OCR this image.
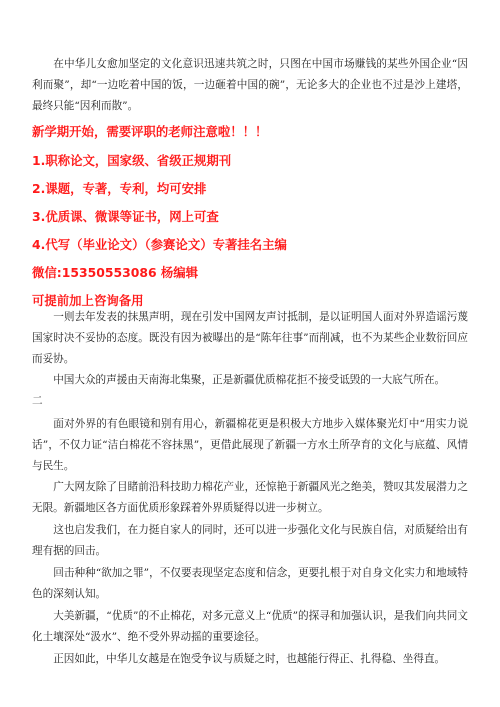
在中华儿女愈加坚定的文化意识迅速共筑之时，只图在中国市场赚钱的某些外国企业“因利而聚”，却“一边吃着中国的饭，一边砸着中国的碗”，无论多大的企业也不过是沙上建塔，最终只能“因利而散”。

新学期开始，需要评职的老师注意啦！！！

1.职称论文，国家级、省级正规期刊

2.课题，专著，专利，均可安排

3.优质课、微课等证书，网上可查

4.代写（毕业论文）（参赛论文）专著挂名主编

微信:15350553086 杨编辑

可提前加上咨询备用

一则去年发表的抹黑声明，现在引发中国网友声讨抵制，是以证明国人面对外界造谣污蔑国家时决不妥协的态度。既没有因为被曝出的是“陈年往事”而削减，也不为某些企业数衍回应而妥协。

中国大众的声援由天南海北集聚，正是新疆优质棉花拒不接受诋毁的一大底气所在。

二

面对外界的有色眼镜和别有用心，新疆棉花更是积极大方地步入媒体聚光灯中“用实力说话”，不仅力证“洁白棉花不容抹黑”，更借此展现了新疆一方水土所孕育的文化与底蕴、风情与民生。

广大网友除了目睹前沿科技助力棉花产业，还惊艳于新疆风光之绝美，赞叹其发展潜力之无限。新疆地区各方面优质形象踩着外界质疑得以进一步树立。

这也启发我们，在力挺自家人的同时，还可以进一步强化文化与民族自信，对质疑给出有理有据的回击。

回击种种“欲加之罪”，不仅要表现坚定态度和信念，更要扎根于对自身文化实力和地域特色的深刻认知。

大美新疆，“优质”的不止棉花，对多元意义上“优质”的探寻和加强认识，是我们向共同文化土壤深处“汲水”、绝不受外界动摇的重要途径。

正因如此，中华儿女越是在饱受争议与质疑之时，也越能行得正、扎得稳、坐得直。
